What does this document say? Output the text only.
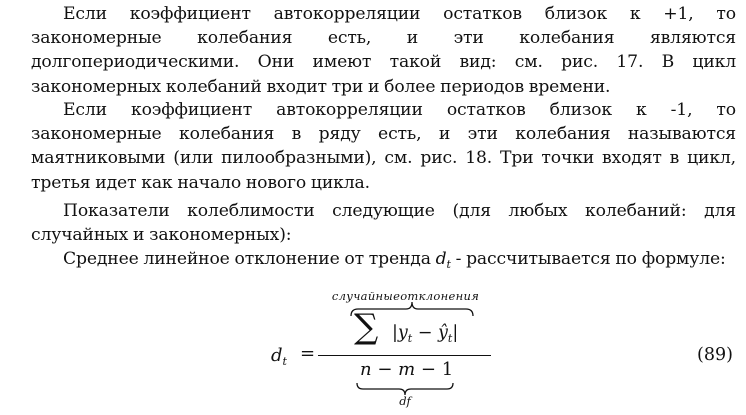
Если коэффициент автокорреляции остатков близок к +1, то закономерные колебания есть, и эти колебания являются долгопериодическими. Они имеют такой вид: см. рис. 17. В цикл закономерных колебаний входит три и более периодов времени.

Если коэффициент автокорреляции остатков близок к -1, то закономерные колебания в ряду есть, и эти колебания называются маятниковыми (или пилообразными), см. рис. 18. Три точки входят в цикл, третья идет как начало нового цикла.

Показатели колеблимости следующие (для любых колебаний: для случайных и закономерных):

Среднее линейное отклонение от тренда $d_t$ - рассчитывается по формуле:

$d_t$ =
случайныеотклонения
∑ $|y_t$ − $ŷ_t|$
n − m − 1
df
(89)
